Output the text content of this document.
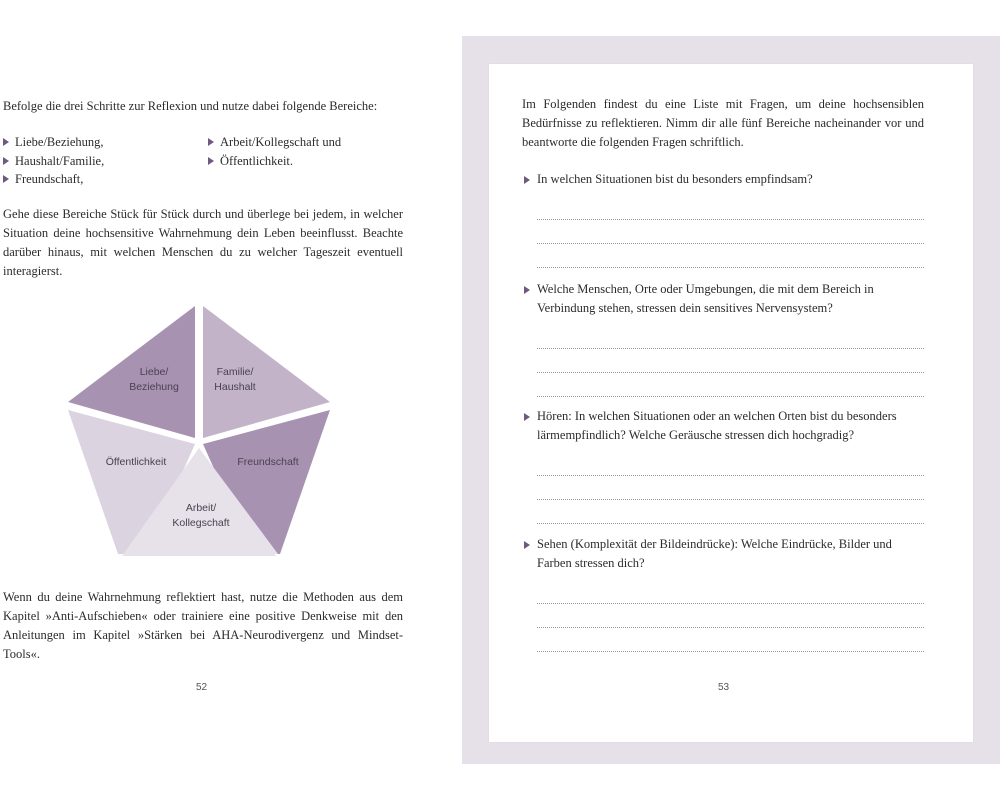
Befolge die drei Schritte zur Reflexion und nutze dabei folgende Bereiche:
Liebe/Beziehung,
Haushalt/Familie,
Freundschaft,
Arbeit/Kollegschaft und
Öffentlichkeit.
Gehe diese Bereiche Stück für Stück durch und überlege bei jedem, in welcher Situation deine hochsensitive Wahrnehmung dein Leben beeinflusst. Beachte darüber hinaus, mit welchen Menschen du zu welcher Tageszeit eventuell interagierst.
Liebe/
Beziehung
Familie/
Haushalt
Öffentlichkeit	Freundschaft
Arbeit/
Kollegschaft
Wenn du deine Wahrnehmung reflektiert hast, nutze die Methoden aus dem Kapitel »Anti-Aufschieben« oder trainiere eine positive Denkweise mit den Anleitungen im Kapitel »Stärken bei AHA-Neurodivergenz und Mindset-Tools«.
52
Im Folgenden findest du eine Liste mit Fragen, um deine hochsensiblen Bedürfnisse zu reflektieren. Nimm dir alle fünf Bereiche nacheinander vor und beantworte die folgenden Fragen schriftlich.
In welchen Situationen bist du besonders empfindsam?
Welche Menschen, Orte oder Umgebungen, die mit dem Bereich in Verbindung stehen, stressen dein sensitives Nervensystem?
Hören: In welchen Situationen oder an welchen Orten bist du besonders lärmempfindlich? Welche Geräusche stressen dich hochgradig?
Sehen (Komplexität der Bildeindrücke): Welche Eindrücke, Bilder und Farben stressen dich?
53
